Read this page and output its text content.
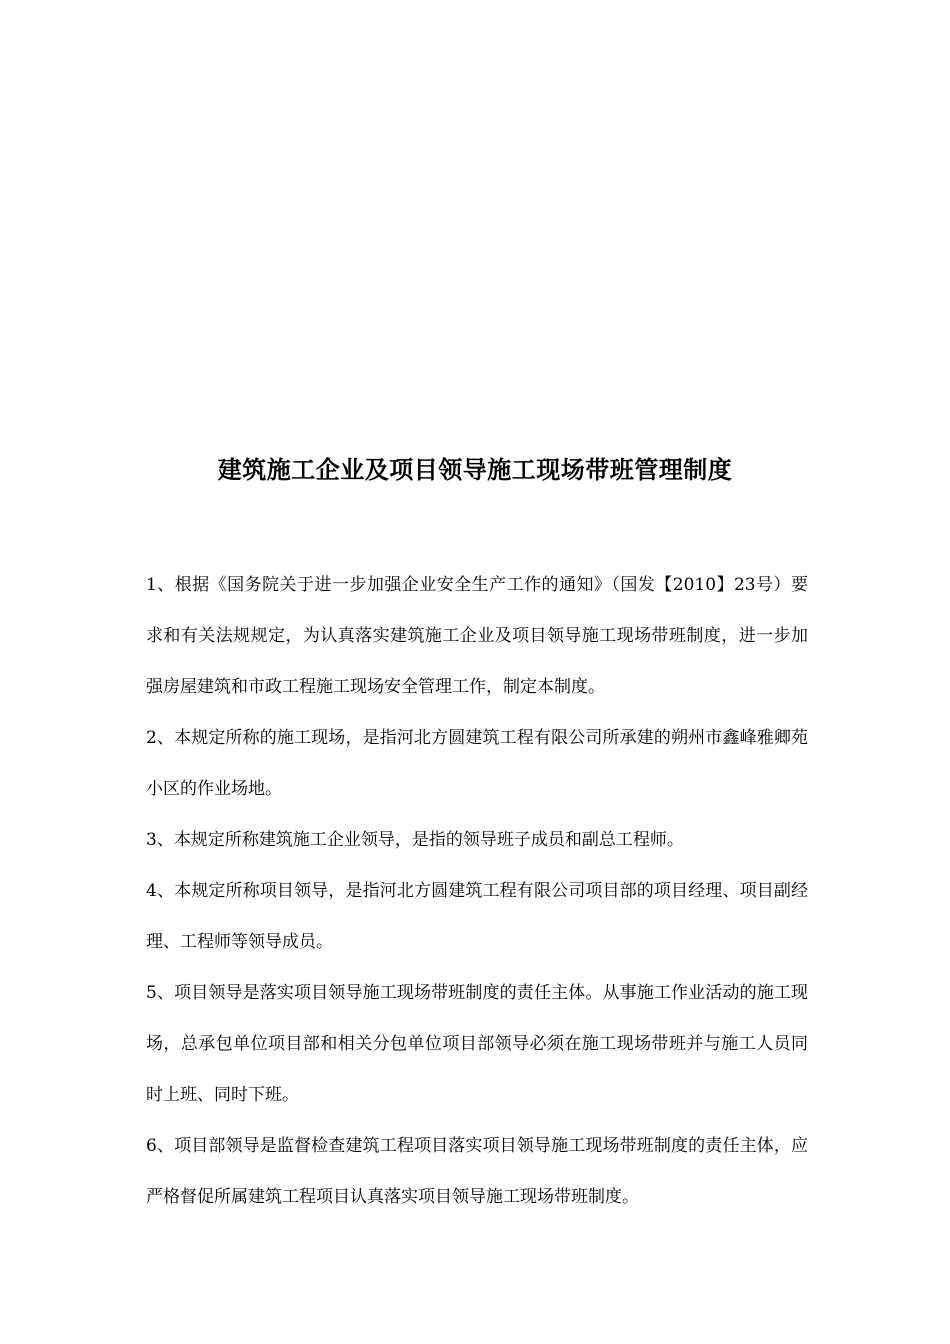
建筑施工企业及项目领导施工现场带班管理制度

1、根据《国务院关于进一步加强企业安全生产工作的通知》（国发【2010】23号）要求和有关法规规定，为认真落实建筑施工企业及项目领导施工现场带班制度，进一步加强房屋建筑和市政工程施工现场安全管理工作，制定本制度。

2、本规定所称的施工现场，是指河北方圆建筑工程有限公司所承建的朔州市鑫峰雅卿苑小区的作业场地。

3、本规定所称建筑施工企业领导，是指的领导班子成员和副总工程师。

4、本规定所称项目领导，是指河北方圆建筑工程有限公司项目部的项目经理、项目副经理、工程师等领导成员。

5、项目领导是落实项目领导施工现场带班制度的责任主体。从事施工作业活动的施工现场，总承包单位项目部和相关分包单位项目部领导必须在施工现场带班并与施工人员同时上班、同时下班。

6、项目部领导是监督检查建筑工程项目落实项目领导施工现场带班制度的责任主体，应严格督促所属建筑工程项目认真落实项目领导施工现场带班制度。
